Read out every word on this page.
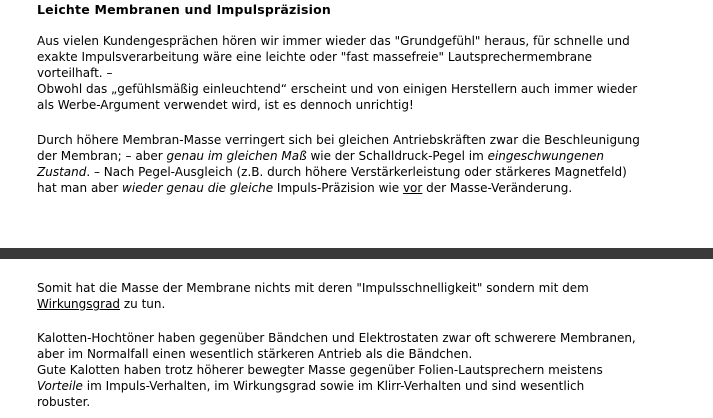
Leichte Membranen und Impulspräzision

Aus vielen Kundengesprächen hören wir immer wieder das "Grundgefühl" heraus, für schnelle und
exakte Impulsverarbeitung wäre eine leichte oder "fast massefreie" Lautsprechermembrane
vorteilhaft. –
Obwohl das „gefühlsmäßig einleuchtend“ erscheint und von einigen Herstellern auch immer wieder
als Werbe-Argument verwendet wird, ist es dennoch unrichtig!

Durch höhere Membran-Masse verringert sich bei gleichen Antriebskräften zwar die Beschleunigung
der Membran; – aber genau im gleichen Maß wie der Schalldruck-Pegel im eingeschwungenen
Zustand. – Nach Pegel-Ausgleich (z.B. durch höhere Verstärkerleistung oder stärkeres Magnetfeld)
hat man aber wieder genau die gleiche Impuls-Präzision wie vor der Masse-Veränderung.

Somit hat die Masse der Membrane nichts mit deren "Impulsschnelligkeit" sondern mit dem
Wirkungsgrad zu tun.

Kalotten-Hochtöner haben gegenüber Bändchen und Elektrostaten zwar oft schwerere Membranen,
aber im Normalfall einen wesentlich stärkeren Antrieb als die Bändchen.
Gute Kalotten haben trotz höherer bewegter Masse gegenüber Folien-Lautsprechern meistens
Vorteile im Impuls-Verhalten, im Wirkungsgrad sowie im Klirr-Verhalten und sind wesentlich
robuster.
